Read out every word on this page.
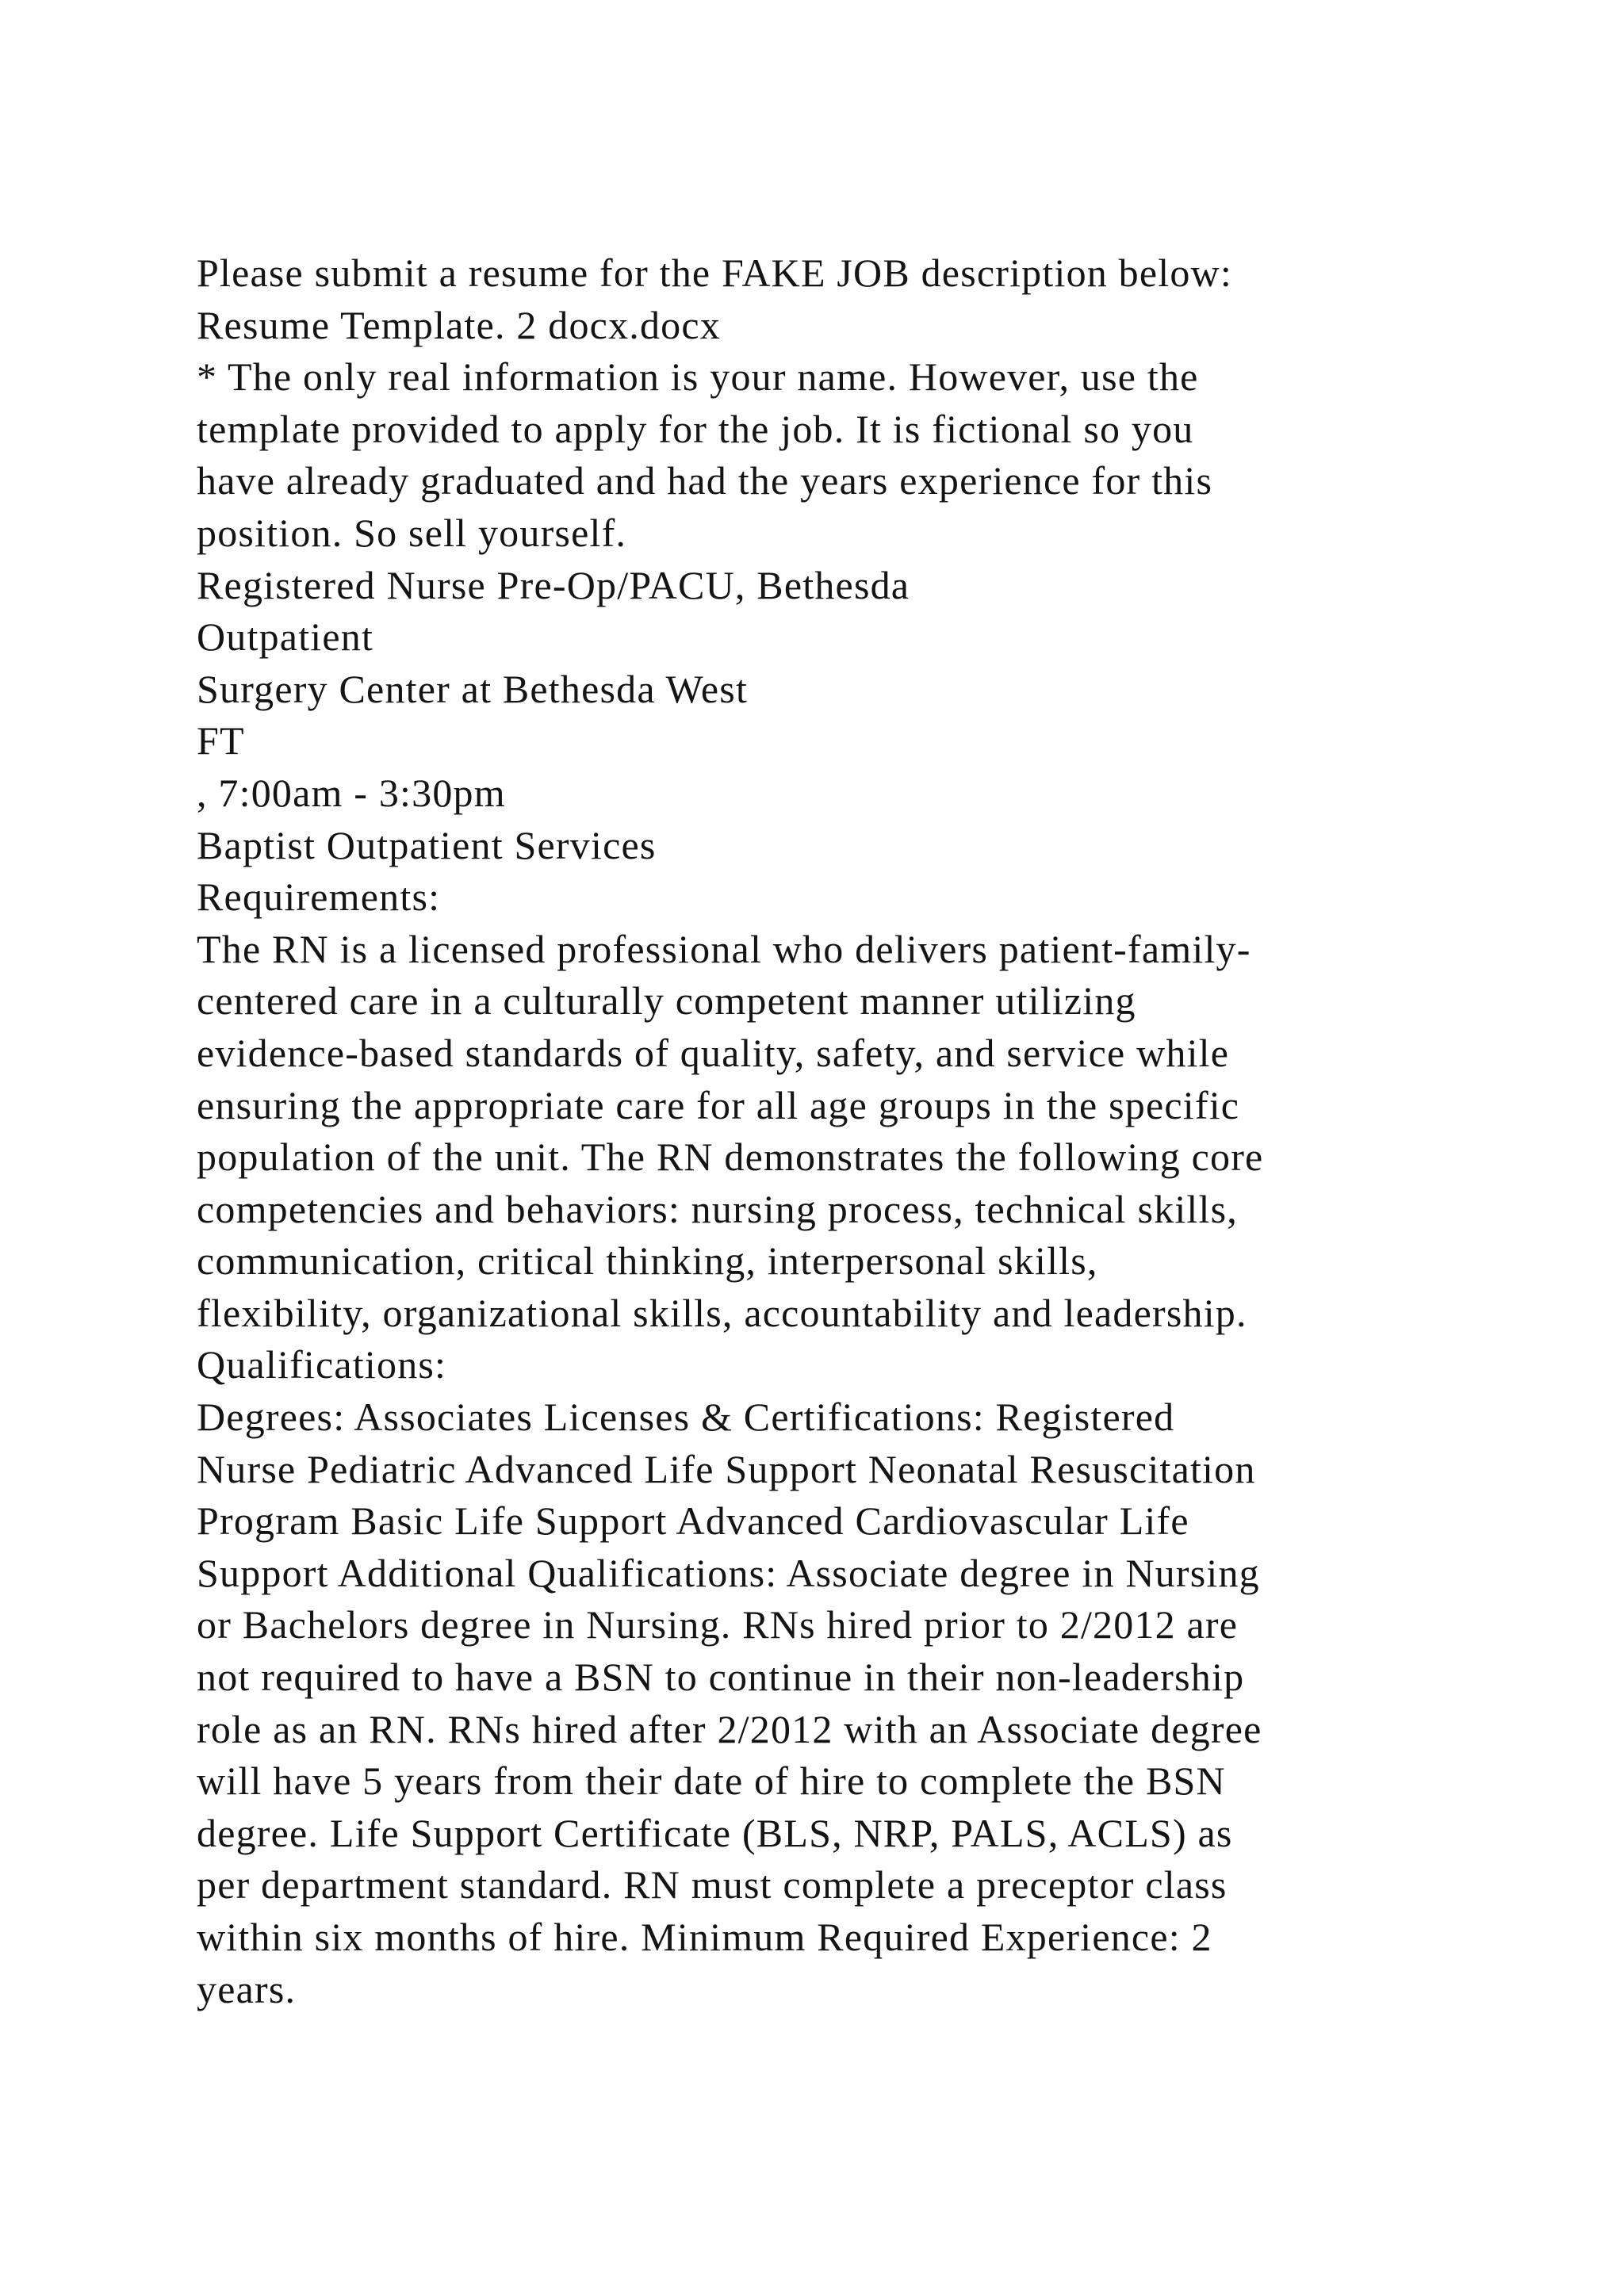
Please submit a resume for the FAKE JOB description below:
Resume Template. 2 docx.docx
* The only real information is your name. However, use the
template provided to apply for the job. It is fictional so you
have already graduated and had the years experience for this
position. So sell yourself.
Registered Nurse Pre-Op/PACU, Bethesda
Outpatient
Surgery Center at Bethesda West
FT
, 7:00am - 3:30pm
Baptist Outpatient Services
Requirements:
The RN is a licensed professional who delivers patient-family-
centered care in a culturally competent manner utilizing
evidence-based standards of quality, safety, and service while
ensuring the appropriate care for all age groups in the specific
population of the unit. The RN demonstrates the following core
competencies and behaviors: nursing process, technical skills,
communication, critical thinking, interpersonal skills,
flexibility, organizational skills, accountability and leadership.
Qualifications:
Degrees: Associates Licenses & Certifications: Registered
Nurse Pediatric Advanced Life Support Neonatal Resuscitation
Program Basic Life Support Advanced Cardiovascular Life
Support Additional Qualifications: Associate degree in Nursing
or Bachelors degree in Nursing. RNs hired prior to 2/2012 are
not required to have a BSN to continue in their non-leadership
role as an RN. RNs hired after 2/2012 with an Associate degree
will have 5 years from their date of hire to complete the BSN
degree. Life Support Certificate (BLS, NRP, PALS, ACLS) as
per department standard. RN must complete a preceptor class
within six months of hire. Minimum Required Experience: 2
years.
